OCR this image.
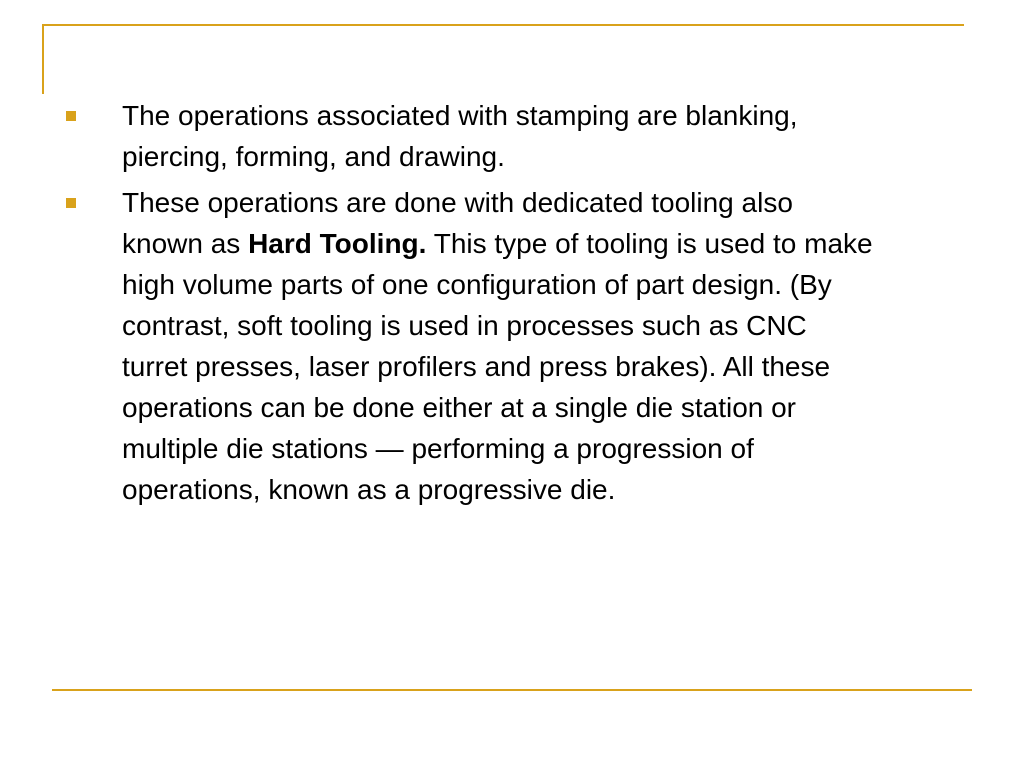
The operations associated with stamping are blanking,
piercing, forming, and drawing.
These operations are done with dedicated tooling also
known as Hard Tooling. This type of tooling is used to make
high volume parts of one configuration of part design. (By
contrast, soft tooling is used in processes such as CNC
turret presses, laser profilers and press brakes). All these
operations can be done either at a single die station or
multiple die stations — performing a progression of
operations, known as a progressive die.
